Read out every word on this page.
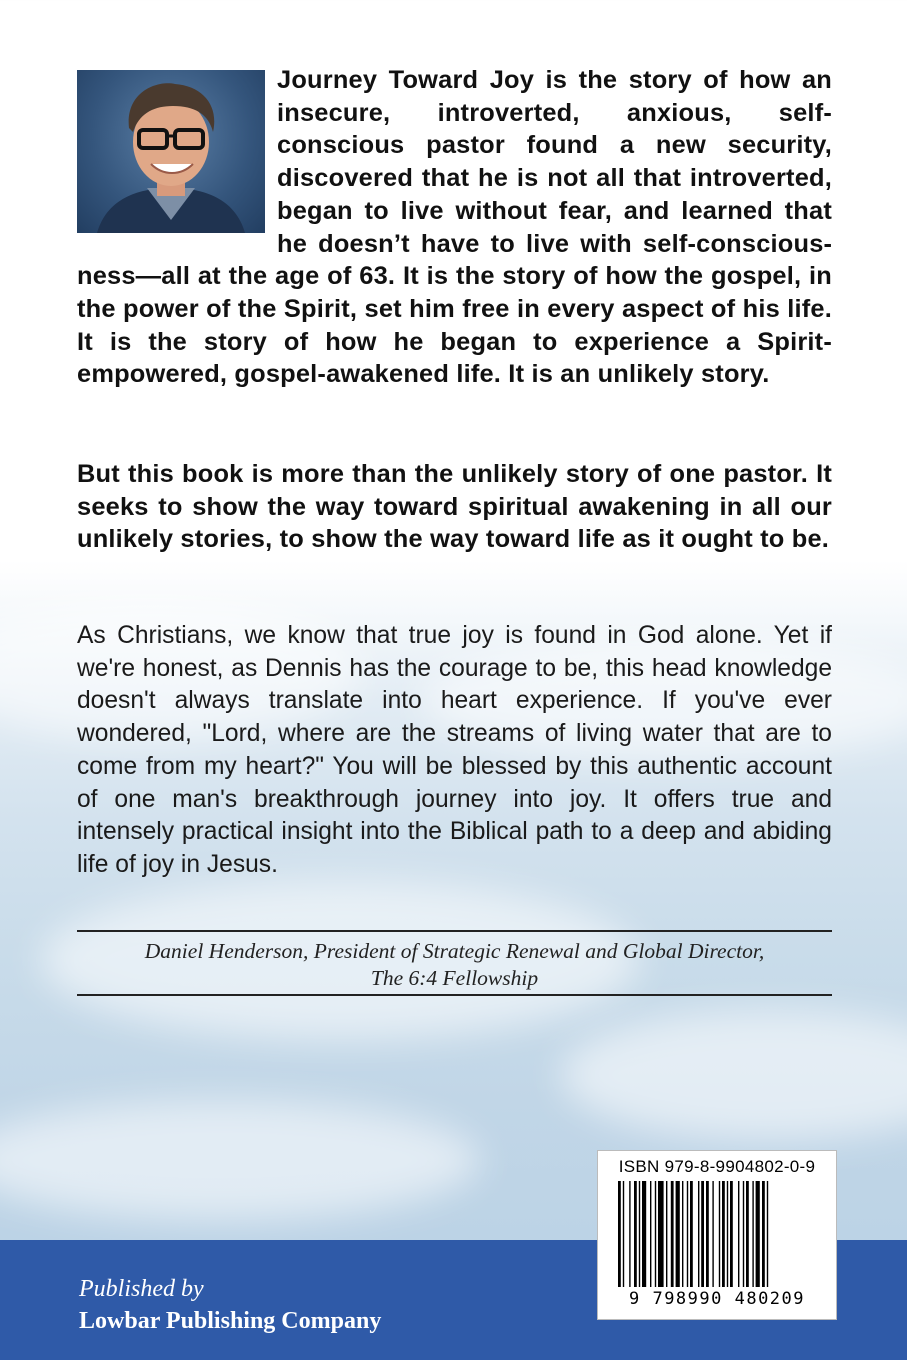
Journey Toward Joy is the story of how an insecure, introverted, anxious, self-conscious pastor found a new security, discovered that he is not all that introverted, began to live without fear, and learned that he doesn’t have to live with self-consciousness—all at the age of 63. It is the story of how the gospel, in the power of the Spirit, set him free in every aspect of his life. It is the story of how he began to experience a Spirit-empowered, gospel-awakened life. It is an unlikely story.

But this book is more than the unlikely story of one pastor. It seeks to show the way toward spiritual awakening in all our unlikely stories, to show the way toward life as it ought to be.

As Christians, we know that true joy is found in God alone. Yet if we're honest, as Dennis has the courage to be, this head knowledge doesn't always translate into heart experience. If you've ever wondered, "Lord, where are the streams of living water that are to come from my heart?" You will be blessed by this authentic account of one man's breakthrough journey into joy. It offers true and intensely practical insight into the Biblical path to a deep and abiding life of joy in Jesus.

Daniel Henderson, President of Strategic Renewal and Global Director,
The 6:4 Fellowship

Published by
Lowbar Publishing Company
ISBN 979-8-9904802-0-9
9 798990 480209
